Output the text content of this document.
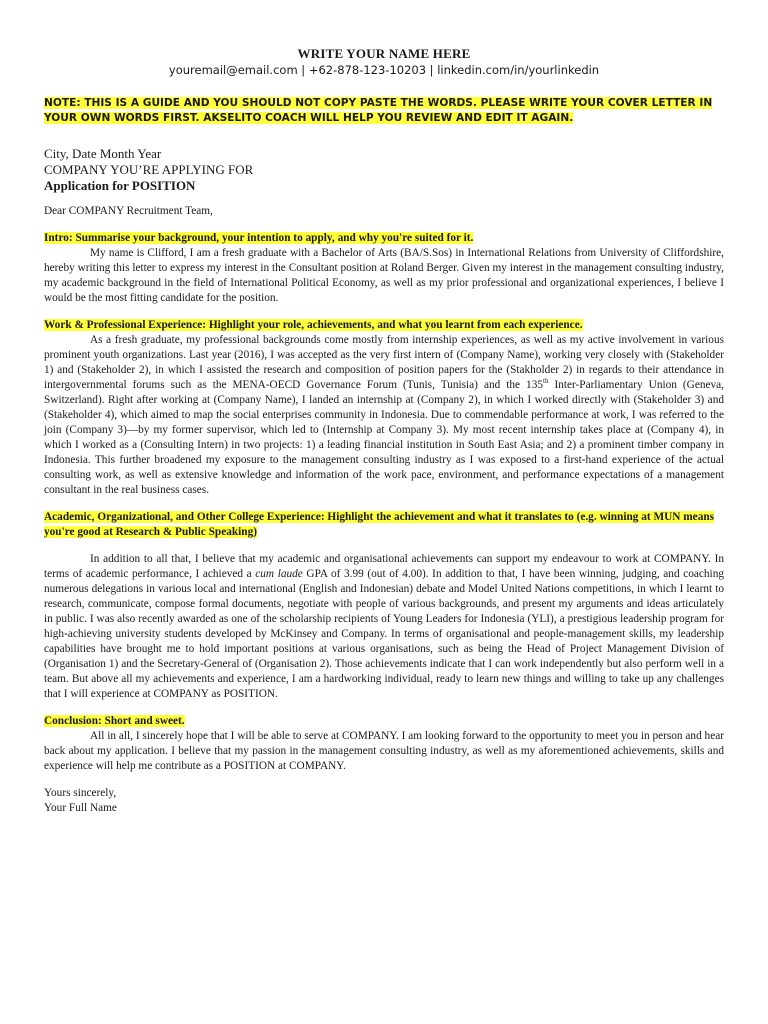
WRITE YOUR NAME HERE
youremail@email.com | +62-878-123-10203 | linkedin.com/in/yourlinkedin
NOTE: THIS IS A GUIDE AND YOU SHOULD NOT COPY PASTE THE WORDS. PLEASE WRITE YOUR COVER LETTER IN YOUR OWN WORDS FIRST. AKSELITO COACH WILL HELP YOU REVIEW AND EDIT IT AGAIN.
City, Date Month Year
COMPANY YOU’RE APPLYING FOR
Application for POSITION
Dear COMPANY Recruitment Team,
Intro: Summarise your background, your intention to apply, and why you're suited for it.
My name is Clifford, I am a fresh graduate with a Bachelor of Arts (BA/S.Sos) in International Relations from University of Cliffordshire, hereby writing this letter to express my interest in the Consultant position at Roland Berger. Given my interest in the management consulting industry, my academic background in the field of International Political Economy, as well as my prior professional and organizational experiences, I believe I would be the most fitting candidate for the position.
Work & Professional Experience: Highlight your role, achievements, and what you learnt from each experience.
As a fresh graduate, my professional backgrounds come mostly from internship experiences, as well as my active involvement in various prominent youth organizations. Last year (2016), I was accepted as the very first intern of (Company Name), working very closely with (Stakeholder 1) and (Stakeholder 2), in which I assisted the research and composition of position papers for the (Stakholder 2) in regards to their attendance in intergovernmental forums such as the MENA-OECD Governance Forum (Tunis, Tunisia) and the 135th Inter-Parliamentary Union (Geneva, Switzerland). Right after working at (Company Name), I landed an internship at (Company 2), in which I worked directly with (Stakeholder 3) and (Stakeholder 4), which aimed to map the social enterprises community in Indonesia. Due to commendable performance at work, I was referred to the join (Company 3)—by my former supervisor, which led to (Internship at Company 3). My most recent internship takes place at (Company 4), in which I worked as a (Consulting Intern) in two projects: 1) a leading financial institution in South East Asia; and 2) a prominent timber company in Indonesia. This further broadened my exposure to the management consulting industry as I was exposed to a first-hand experience of the actual consulting work, as well as extensive knowledge and information of the work pace, environment, and performance expectations of a management consultant in the real business cases.
Academic, Organizational, and Other College Experience: Highlight the achievement and what it translates to (e.g. winning at MUN means you're good at Research & Public Speaking)
In addition to all that, I believe that my academic and organisational achievements can support my endeavour to work at COMPANY. In terms of academic performance, I achieved a cum laude GPA of 3.99 (out of 4.00). In addition to that, I have been winning, judging, and coaching numerous delegations in various local and international (English and Indonesian) debate and Model United Nations competitions, in which I learnt to research, communicate, compose formal documents, negotiate with people of various backgrounds, and present my arguments and ideas articulately in public. I was also recently awarded as one of the scholarship recipients of Young Leaders for Indonesia (YLI), a prestigious leadership program for high-achieving university students developed by McKinsey and Company. In terms of organisational and people-management skills, my leadership capabilities have brought me to hold important positions at various organisations, such as being the Head of Project Management Division of (Organisation 1) and the Secretary-General of (Organisation 2). Those achievements indicate that I can work independently but also perform well in a team. But above all my achievements and experience, I am a hardworking individual, ready to learn new things and willing to take up any challenges that I will experience at COMPANY as POSITION.
Conclusion: Short and sweet.
All in all, I sincerely hope that I will be able to serve at COMPANY. I am looking forward to the opportunity to meet you in person and hear back about my application. I believe that my passion in the management consulting industry, as well as my aforementioned achievements, skills and experience will help me contribute as a POSITION at COMPANY.
Yours sincerely,
Your Full Name
